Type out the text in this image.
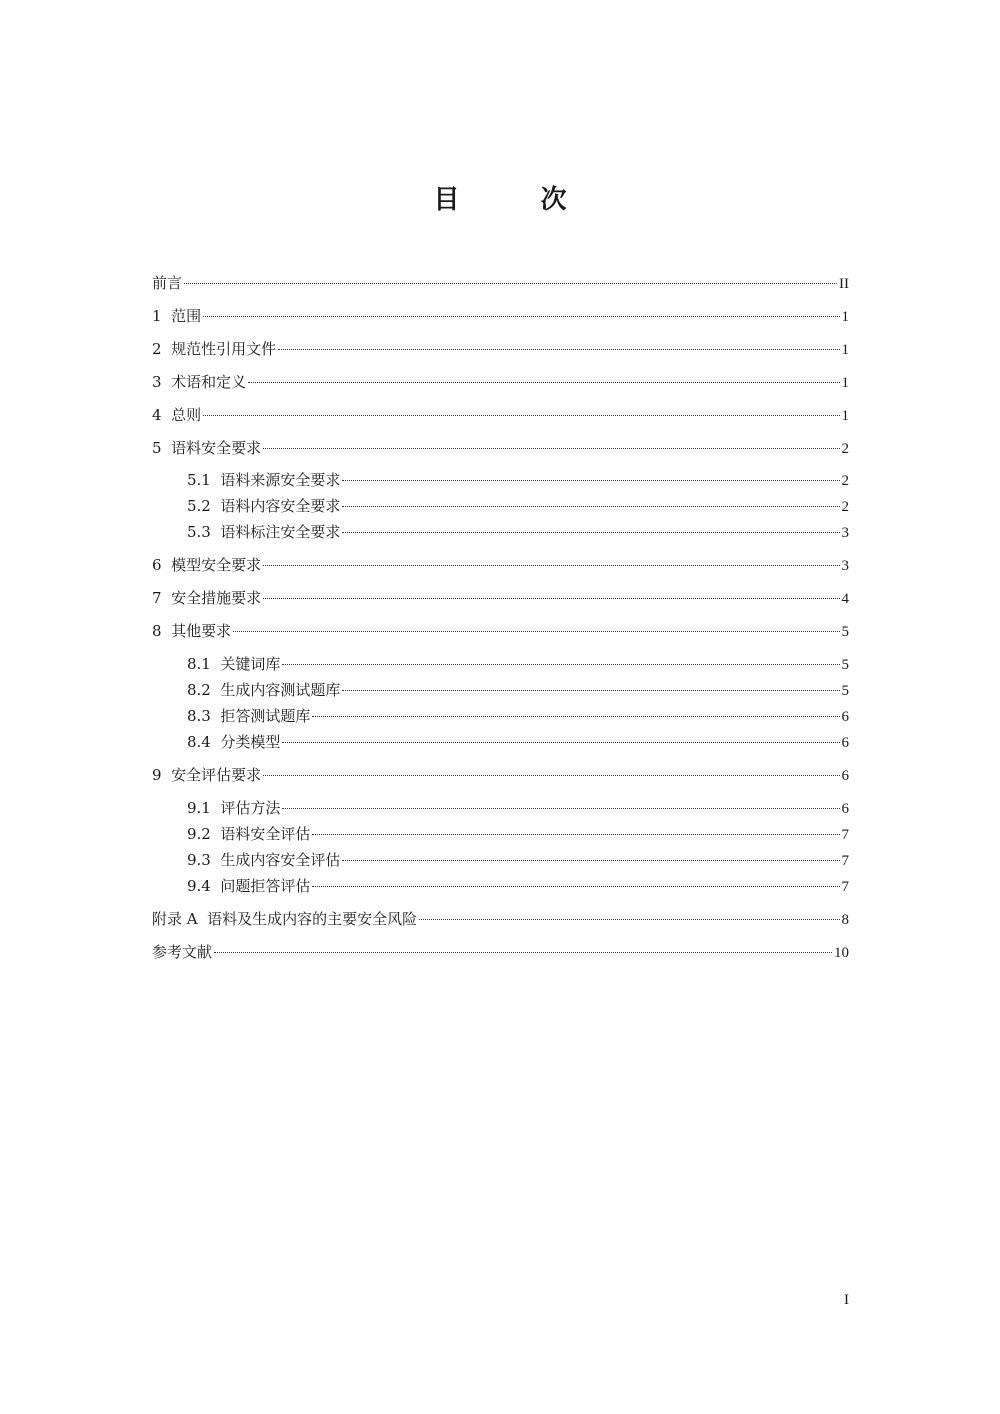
目 次
前言	II
1  范围	1
2  规范性引用文件	1
3  术语和定义	1
4  总则	1
5  语料安全要求	2
5.1  语料来源安全要求	2
5.2  语料内容安全要求	2
5.3  语料标注安全要求	3
6  模型安全要求	3
7  安全措施要求	4
8  其他要求	5
8.1  关键词库	5
8.2  生成内容测试题库	5
8.3  拒答测试题库	6
8.4  分类模型	6
9  安全评估要求	6
9.1  评估方法	6
9.2  语料安全评估	7
9.3  生成内容安全评估	7
9.4  问题拒答评估	7
附录 A  语料及生成内容的主要安全风险	8
参考文献	10
I
